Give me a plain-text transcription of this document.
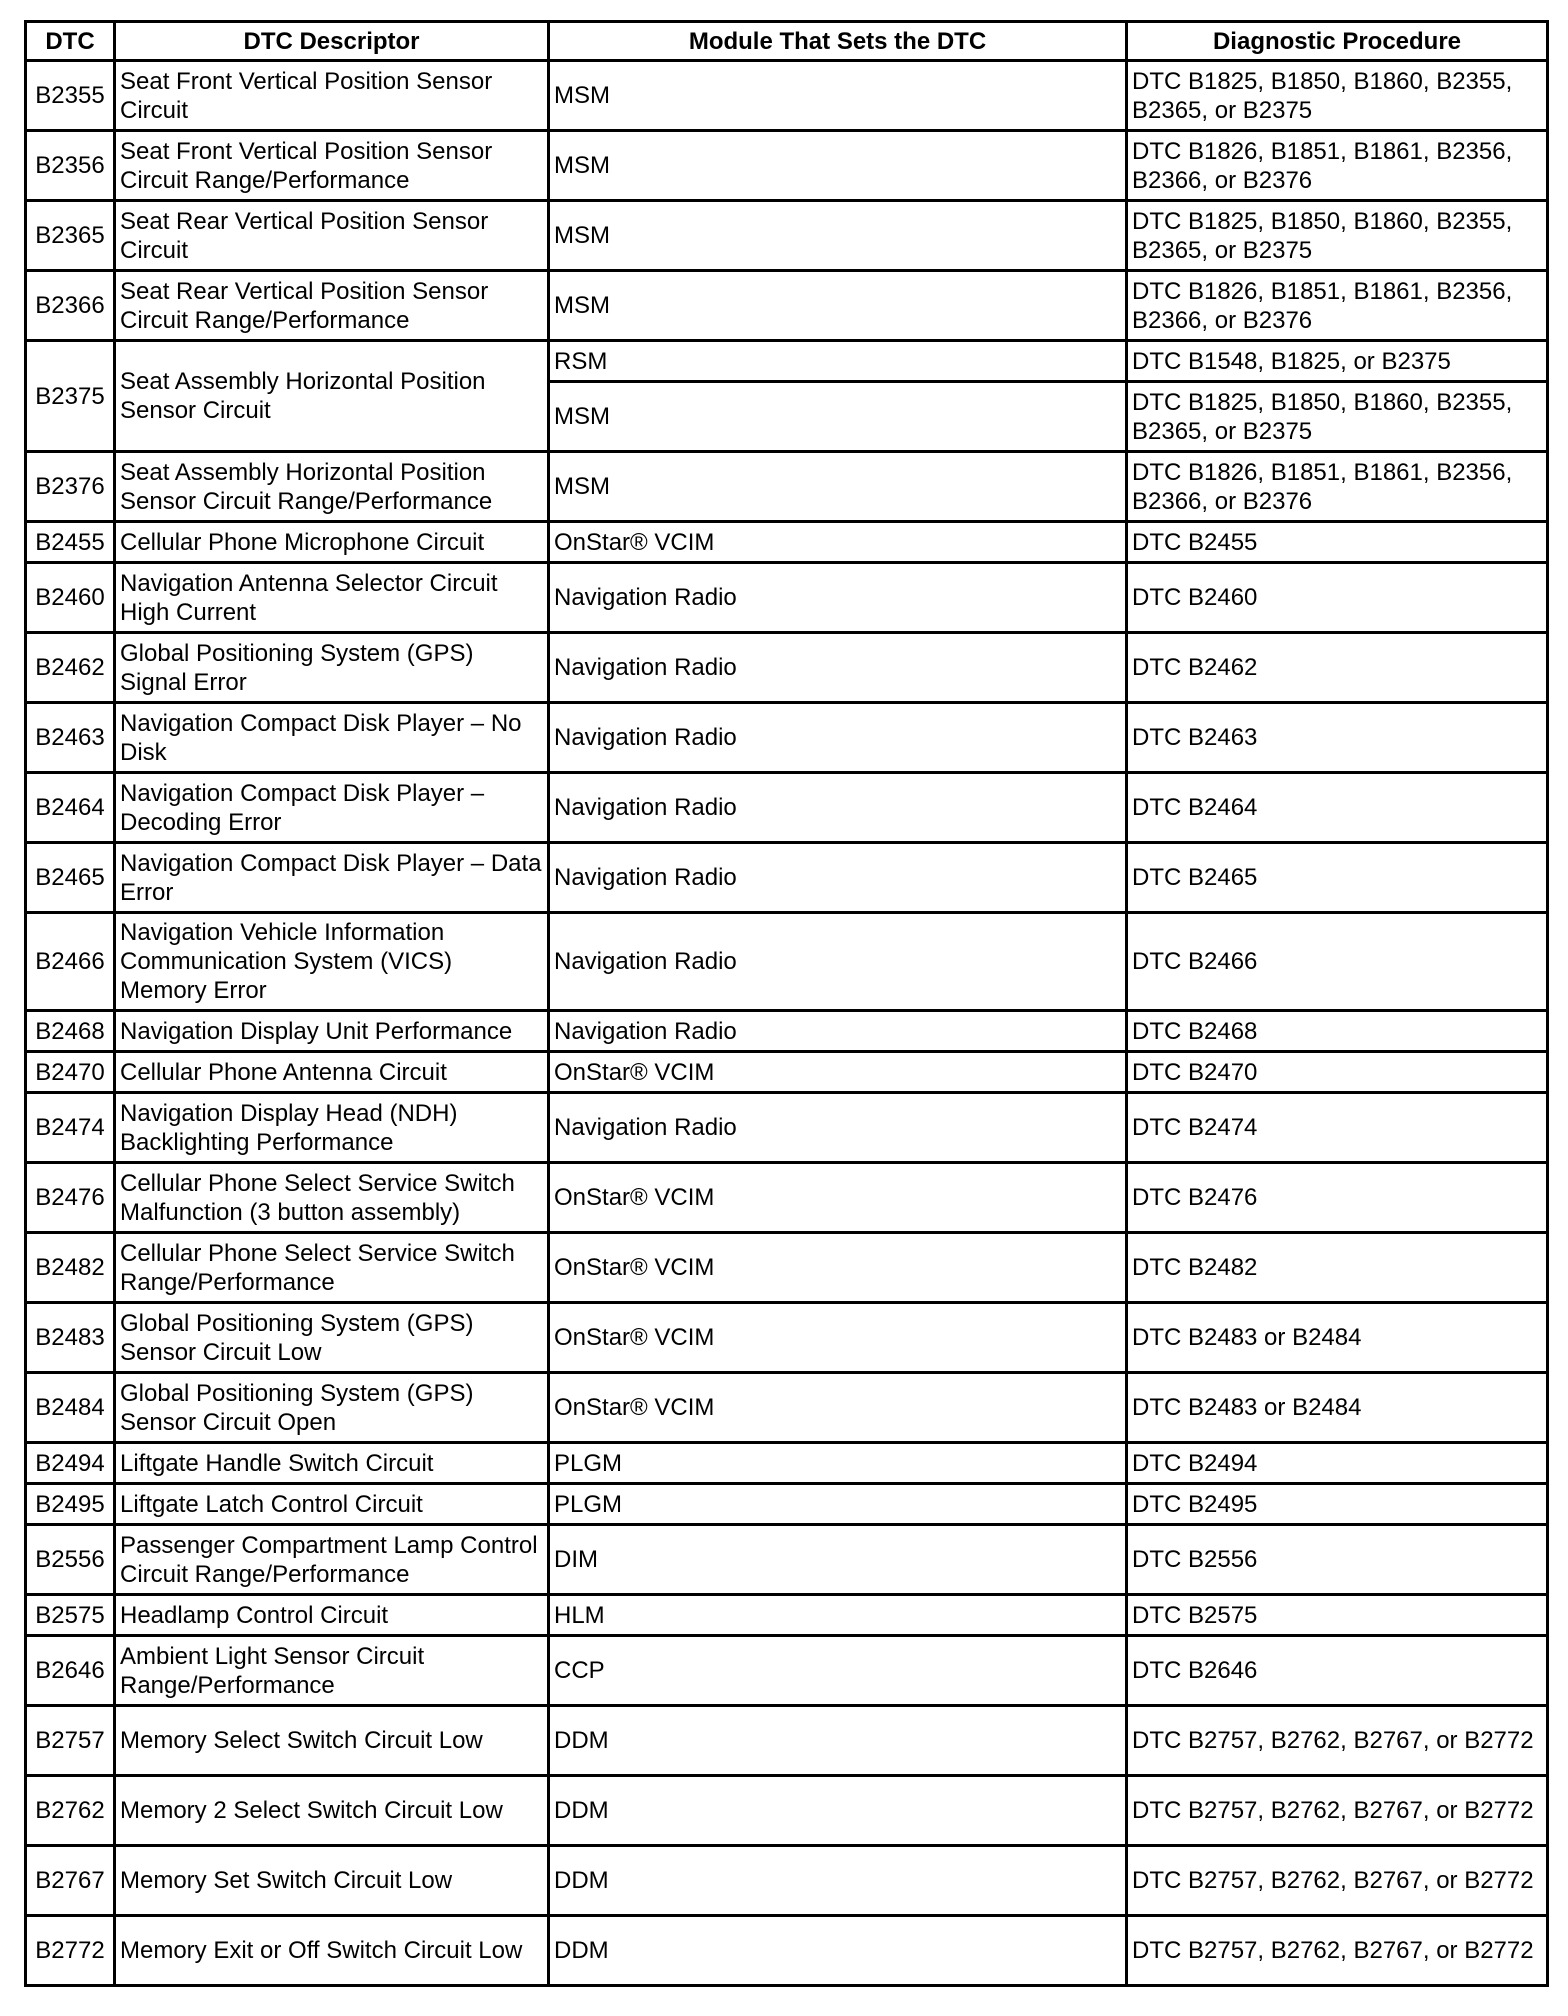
DTC	DTC Descriptor	Module That Sets the DTC	Diagnostic Procedure
B2355	Seat Front Vertical Position Sensor Circuit	MSM	DTC B1825, B1850, B1860, B2355, B2365, or B2375
B2356	Seat Front Vertical Position Sensor Circuit Range/Performance	MSM	DTC B1826, B1851, B1861, B2356, B2366, or B2376
B2365	Seat Rear Vertical Position Sensor Circuit	MSM	DTC B1825, B1850, B1860, B2355, B2365, or B2375
B2366	Seat Rear Vertical Position Sensor Circuit Range/Performance	MSM	DTC B1826, B1851, B1861, B2356, B2366, or B2376
B2375	Seat Assembly Horizontal Position Sensor Circuit	RSM	DTC B1548, B1825, or B2375
		MSM	DTC B1825, B1850, B1860, B2355, B2365, or B2375
B2376	Seat Assembly Horizontal Position Sensor Circuit Range/Performance	MSM	DTC B1826, B1851, B1861, B2356, B2366, or B2376
B2455	Cellular Phone Microphone Circuit	OnStar® VCIM	DTC B2455
B2460	Navigation Antenna Selector Circuit High Current	Navigation Radio	DTC B2460
B2462	Global Positioning System (GPS) Signal Error	Navigation Radio	DTC B2462
B2463	Navigation Compact Disk Player – No Disk	Navigation Radio	DTC B2463
B2464	Navigation Compact Disk Player – Decoding Error	Navigation Radio	DTC B2464
B2465	Navigation Compact Disk Player – Data Error	Navigation Radio	DTC B2465
B2466	Navigation Vehicle Information Communication System (VICS) Memory Error	Navigation Radio	DTC B2466
B2468	Navigation Display Unit Performance	Navigation Radio	DTC B2468
B2470	Cellular Phone Antenna Circuit	OnStar® VCIM	DTC B2470
B2474	Navigation Display Head (NDH) Backlighting Performance	Navigation Radio	DTC B2474
B2476	Cellular Phone Select Service Switch Malfunction (3 button assembly)	OnStar® VCIM	DTC B2476
B2482	Cellular Phone Select Service Switch Range/Performance	OnStar® VCIM	DTC B2482
B2483	Global Positioning System (GPS) Sensor Circuit Low	OnStar® VCIM	DTC B2483 or B2484
B2484	Global Positioning System (GPS) Sensor Circuit Open	OnStar® VCIM	DTC B2483 or B2484
B2494	Liftgate Handle Switch Circuit	PLGM	DTC B2494
B2495	Liftgate Latch Control Circuit	PLGM	DTC B2495
B2556	Passenger Compartment Lamp Control Circuit Range/Performance	DIM	DTC B2556
B2575	Headlamp Control Circuit	HLM	DTC B2575
B2646	Ambient Light Sensor Circuit Range/Performance	CCP	DTC B2646
B2757	Memory Select Switch Circuit Low	DDM	DTC B2757, B2762, B2767, or B2772
B2762	Memory 2 Select Switch Circuit Low	DDM	DTC B2757, B2762, B2767, or B2772
B2767	Memory Set Switch Circuit Low	DDM	DTC B2757, B2762, B2767, or B2772
B2772	Memory Exit or Off Switch Circuit Low	DDM	DTC B2757, B2762, B2767, or B2772
